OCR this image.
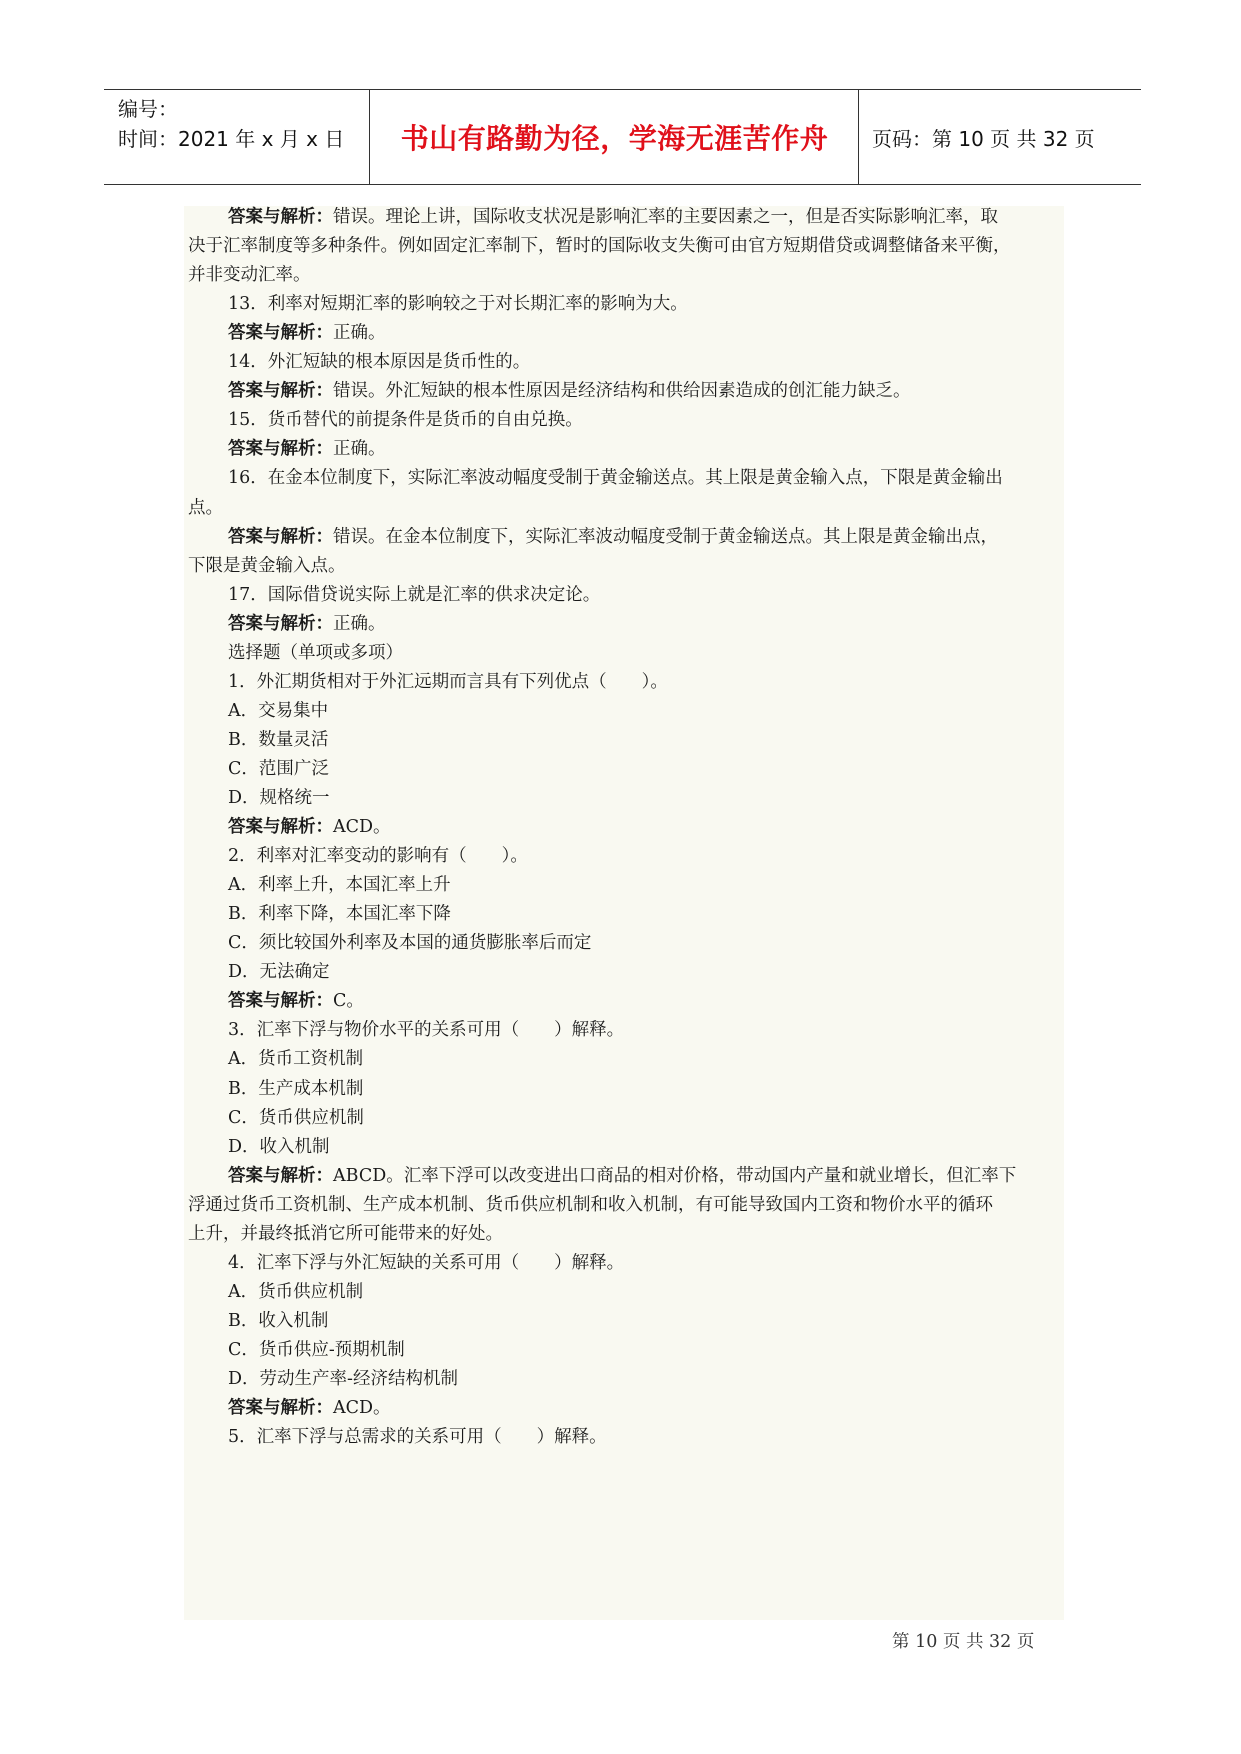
编号：
时间：2021 年 x 月 x 日	书山有路勤为径，学海无涯苦作舟	页码：第 10 页 共 32 页
答案与解析：错误。理论上讲，国际收支状况是影响汇率的主要因素之一，但是否实际影响汇率，取
决于汇率制度等多种条件。例如固定汇率制下，暂时的国际收支失衡可由官方短期借贷或调整储备来平衡，
并非变动汇率。
13．利率对短期汇率的影响较之于对长期汇率的影响为大。
答案与解析：正确。
14．外汇短缺的根本原因是货币性的。
答案与解析：错误。外汇短缺的根本性原因是经济结构和供给因素造成的创汇能力缺乏。
15．货币替代的前提条件是货币的自由兑换。
答案与解析：正确。
16．在金本位制度下，实际汇率波动幅度受制于黄金输送点。其上限是黄金输入点，下限是黄金输出
点。
答案与解析：错误。在金本位制度下，实际汇率波动幅度受制于黄金输送点。其上限是黄金输出点，
下限是黄金输入点。
17．国际借贷说实际上就是汇率的供求决定论。
答案与解析：正确。
选择题（单项或多项）
1．外汇期货相对于外汇远期而言具有下列优点（　　）。
A．交易集中
B．数量灵活
C．范围广泛
D．规格统一
答案与解析：ACD。
2．利率对汇率变动的影响有（　　）。
A．利率上升，本国汇率上升
B．利率下降，本国汇率下降
C．须比较国外利率及本国的通货膨胀率后而定
D．无法确定
答案与解析：C。
3．汇率下浮与物价水平的关系可用（　　）解释。
A．货币工资机制
B．生产成本机制
C．货币供应机制
D．收入机制
答案与解析：ABCD。汇率下浮可以改变进出口商品的相对价格，带动国内产量和就业增长，但汇率下
浮通过货币工资机制、生产成本机制、货币供应机制和收入机制，有可能导致国内工资和物价水平的循环
上升，并最终抵消它所可能带来的好处。
4．汇率下浮与外汇短缺的关系可用（　　）解释。
A．货币供应机制
B．收入机制
C．货币供应-预期机制
D．劳动生产率-经济结构机制
答案与解析：ACD。
5．汇率下浮与总需求的关系可用（　　）解释。
第 10 页 共 32 页
